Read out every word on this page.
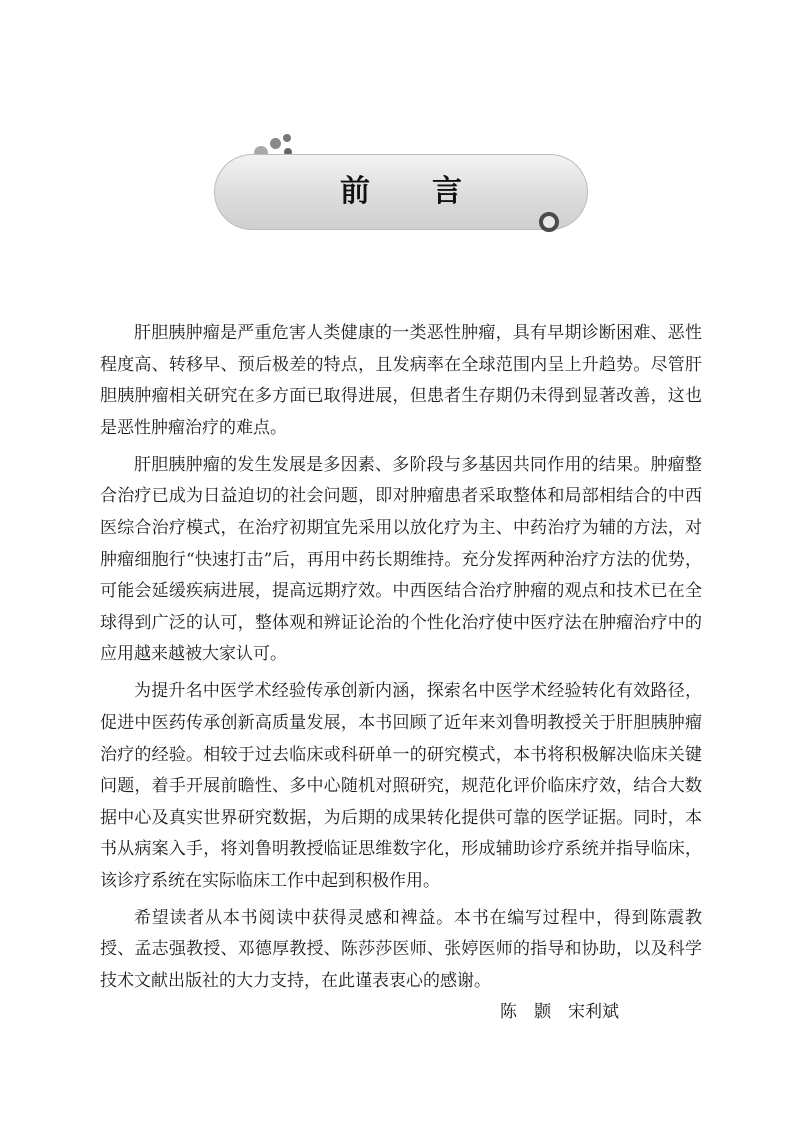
前言

肝胆胰肿瘤是严重危害人类健康的一类恶性肿瘤，具有早期诊断困难、恶性程度高、转移早、预后极差的特点，且发病率在全球范围内呈上升趋势。尽管肝胆胰肿瘤相关研究在多方面已取得进展，但患者生存期仍未得到显著改善，这也是恶性肿瘤治疗的难点。

肝胆胰肿瘤的发生发展是多因素、多阶段与多基因共同作用的结果。肿瘤整合治疗已成为日益迫切的社会问题，即对肿瘤患者采取整体和局部相结合的中西医综合治疗模式，在治疗初期宜先采用以放化疗为主、中药治疗为辅的方法，对肿瘤细胞行“快速打击”后，再用中药长期维持。充分发挥两种治疗方法的优势，可能会延缓疾病进展，提高远期疗效。中西医结合治疗肿瘤的观点和技术已在全球得到广泛的认可，整体观和辨证论治的个性化治疗使中医疗法在肿瘤治疗中的应用越来越被大家认可。

为提升名中医学术经验传承创新内涵，探索名中医学术经验转化有效路径，促进中医药传承创新高质量发展，本书回顾了近年来刘鲁明教授关于肝胆胰肿瘤治疗的经验。相较于过去临床或科研单一的研究模式，本书将积极解决临床关键问题，着手开展前瞻性、多中心随机对照研究，规范化评价临床疗效，结合大数据中心及真实世界研究数据，为后期的成果转化提供可靠的医学证据。同时，本书从病案入手，将刘鲁明教授临证思维数字化，形成辅助诊疗系统并指导临床，该诊疗系统在实际临床工作中起到积极作用。

希望读者从本书阅读中获得灵感和裨益。本书在编写过程中，得到陈震教授、孟志强教授、邓德厚教授、陈莎莎医师、张婷医师的指导和协助，以及科学技术文献出版社的大力支持，在此谨表衷心的感谢。

陈　颢　宋利斌
